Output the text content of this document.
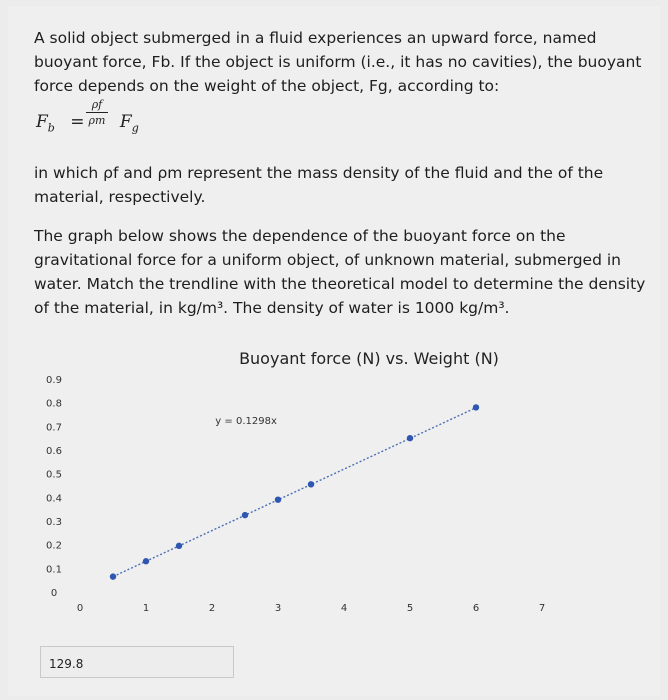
A solid object submerged in a fluid experiences an upward force, named buoyant force, Fb. If the object is uniform (i.e., it has no cavities), the buoyant force depends on the weight of the object, Fg, according to:
$F_b$ =
ρf
ρm $F_g$
in which ρf and ρm represent the mass density of the fluid and the of the material, respectively.
The graph below shows the dependence of the buoyant force on the gravitational force for a uniform object, of unknown material, submerged in water. Match the trendline with the theoretical model to determine the density of the material, in kg/m³. The density of water is 1000 kg/m³.
Buoyant force (N) vs. Weight (N)
0
0.1
0.2
0.3
0.4
0.5
0.6
0.7
0.8
0.9
0	1	2	3	4	5	6	7
y = 0.1298x
129.8
